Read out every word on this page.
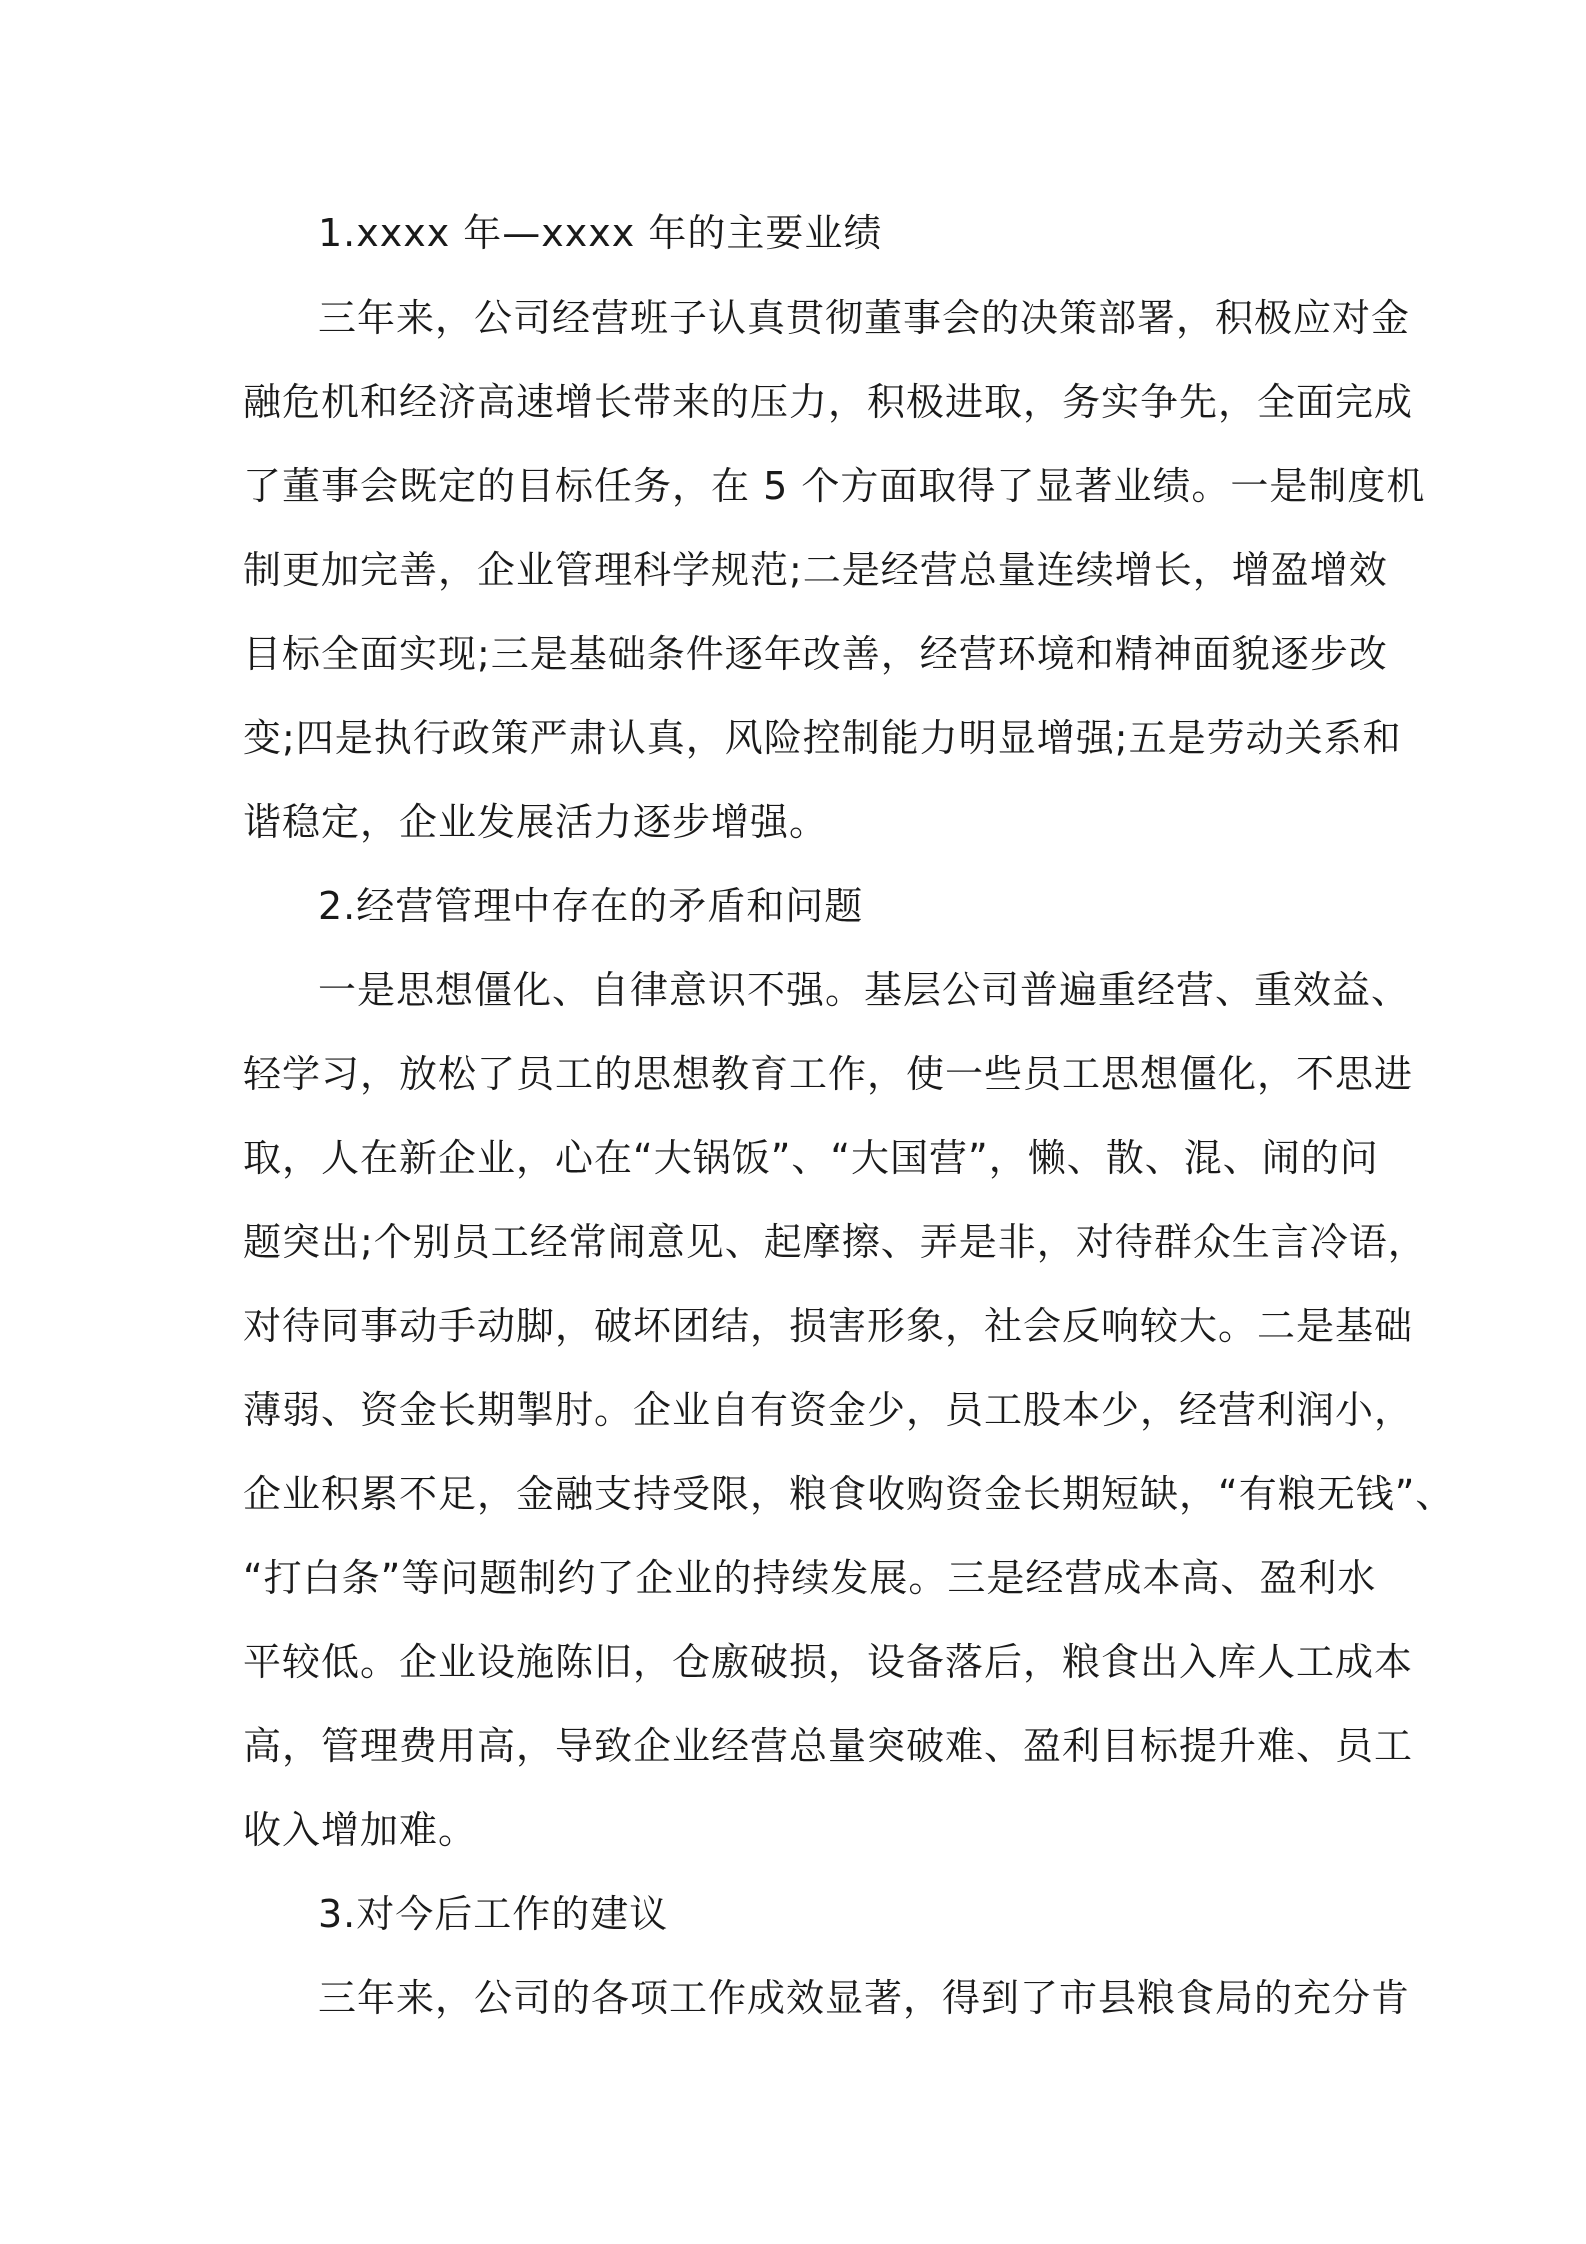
1.xxxx 年—xxxx 年的主要业绩
三年来，公司经营班子认真贯彻董事会的决策部署，积极应对金
融危机和经济高速增长带来的压力，积极进取，务实争先，全面完成
了董事会既定的目标任务，在 5 个方面取得了显著业绩。一是制度机
制更加完善，企业管理科学规范;二是经营总量连续增长，增盈增效
目标全面实现;三是基础条件逐年改善，经营环境和精神面貌逐步改
变;四是执行政策严肃认真，风险控制能力明显增强;五是劳动关系和
谐稳定，企业发展活力逐步增强。
2.经营管理中存在的矛盾和问题
一是思想僵化、自律意识不强。基层公司普遍重经营、重效益、
轻学习，放松了员工的思想教育工作，使一些员工思想僵化，不思进
取，人在新企业，心在“大锅饭”、“大国营”，懒、散、混、闹的问
题突出;个别员工经常闹意见、起摩擦、弄是非，对待群众生言冷语，
对待同事动手动脚，破坏团结，损害形象，社会反响较大。二是基础
薄弱、资金长期掣肘。企业自有资金少，员工股本少，经营利润小，
企业积累不足，金融支持受限，粮食收购资金长期短缺，“有粮无钱”、
“打白条”等问题制约了企业的持续发展。三是经营成本高、盈利水
平较低。企业设施陈旧，仓廒破损，设备落后，粮食出入库人工成本
高，管理费用高，导致企业经营总量突破难、盈利目标提升难、员工
收入增加难。
3.对今后工作的建议
三年来，公司的各项工作成效显著，得到了市县粮食局的充分肯
